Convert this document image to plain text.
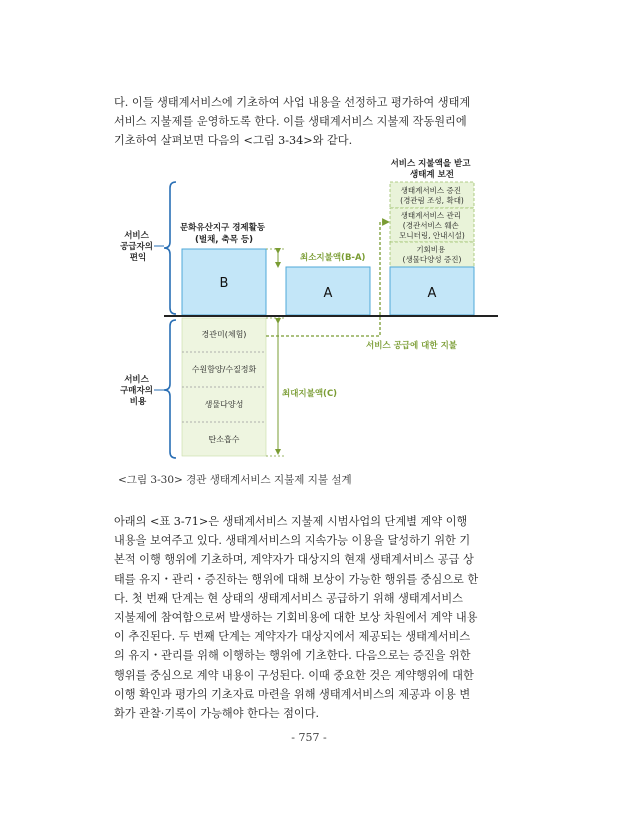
다. 이들 생태계서비스에 기초하여 사업 내용을 선정하고 평가하여 생태계
서비스 지불제를 운영하도록 한다. 이를 생태계서비스 지불제 작동원리에
기초하여 살펴보면 다음의 <그림 3-34>와 같다.
서비스 공급자의 편익
서비스 구매자의 비용
문화유산지구 경제활동 (벌채, 축목 등)
B
최소지불액(B-A)
A
서비스 지불액을 받고 생태계 보전
생태계서비스 증진 (경관림 조성, 확대)
생태계서비스 관리 (경관서비스 훼손 모니터링, 안내시설)
기회비용 (생물다양성 증진)
A
경관미(체험)
수원함양/수질정화
생물다양성
탄소흡수
최대지불액(C)
서비스 공급에 대한 지불
<그림 3-30> 경관 생태계서비스 지불제 지불 설계
아래의 <표 3-71>은 생태계서비스 지불제 시범사업의 단계별 계약 이행
내용을 보여주고 있다. 생태계서비스의 지속가능 이용을 달성하기 위한 기
본적 이행 행위에 기초하며, 계약자가 대상지의 현재 생태계서비스 공급 상
태를 유지・관리・증진하는 행위에 대해 보상이 가능한 행위를 중심으로 한
다. 첫 번째 단계는 현 상태의 생태계서비스 공급하기 위해 생태계서비스
지불제에 참여함으로써 발생하는 기회비용에 대한 보상 차원에서 계약 내용
이 추진된다. 두 번째 단계는 계약자가 대상지에서 제공되는 생태계서비스
의 유지・관리를 위해 이행하는 행위에 기초한다. 다음으로는 증진을 위한
행위를 중심으로 계약 내용이 구성된다. 이때 중요한 것은 계약행위에 대한
이행 확인과 평가의 기초자료 마련을 위해 생태계서비스의 제공과 이용 변
화가 관찰·기록이 가능해야 한다는 점이다.
- 757 -
